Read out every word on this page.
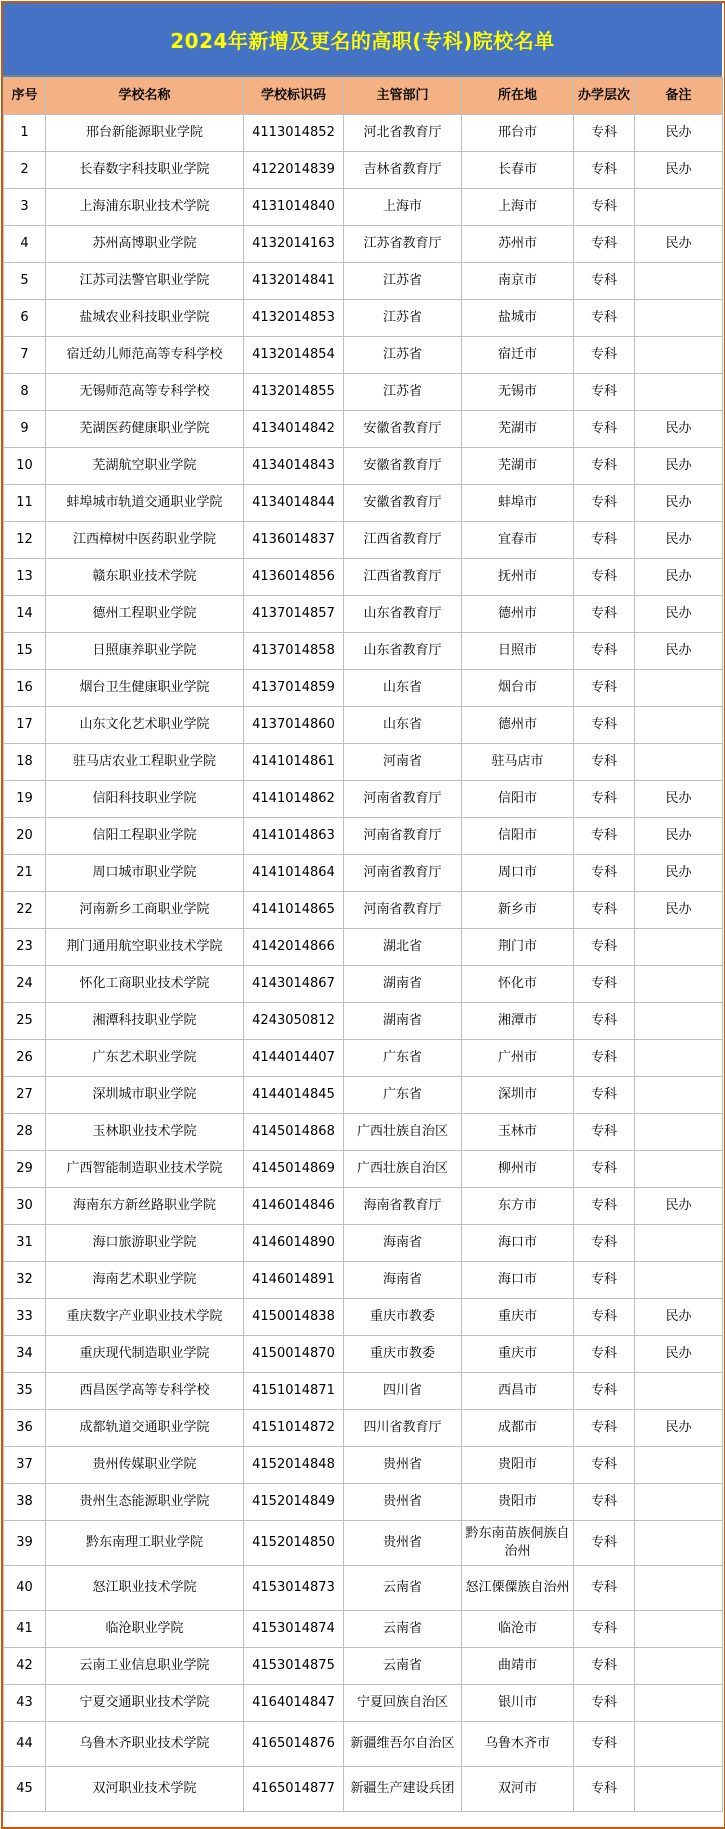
2024年新增及更名的高职(专科)院校名单
序号	学校名称	学校标识码	主管部门	所在地	办学层次	备注
1	邢台新能源职业学院	4113014852	河北省教育厅	邢台市	专科	民办
2	长春数字科技职业学院	4122014839	吉林省教育厅	长春市	专科	民办
3	上海浦东职业技术学院	4131014840	上海市	上海市	专科	
4	苏州高博职业学院	4132014163	江苏省教育厅	苏州市	专科	民办
5	江苏司法警官职业学院	4132014841	江苏省	南京市	专科	
6	盐城农业科技职业学院	4132014853	江苏省	盐城市	专科	
7	宿迁幼儿师范高等专科学校	4132014854	江苏省	宿迁市	专科	
8	无锡师范高等专科学校	4132014855	江苏省	无锡市	专科	
9	芜湖医药健康职业学院	4134014842	安徽省教育厅	芜湖市	专科	民办
10	芜湖航空职业学院	4134014843	安徽省教育厅	芜湖市	专科	民办
11	蚌埠城市轨道交通职业学院	4134014844	安徽省教育厅	蚌埠市	专科	民办
12	江西樟树中医药职业学院	4136014837	江西省教育厅	宜春市	专科	民办
13	赣东职业技术学院	4136014856	江西省教育厅	抚州市	专科	民办
14	德州工程职业学院	4137014857	山东省教育厅	德州市	专科	民办
15	日照康养职业学院	4137014858	山东省教育厅	日照市	专科	民办
16	烟台卫生健康职业学院	4137014859	山东省	烟台市	专科	
17	山东文化艺术职业学院	4137014860	山东省	德州市	专科	
18	驻马店农业工程职业学院	4141014861	河南省	驻马店市	专科	
19	信阳科技职业学院	4141014862	河南省教育厅	信阳市	专科	民办
20	信阳工程职业学院	4141014863	河南省教育厅	信阳市	专科	民办
21	周口城市职业学院	4141014864	河南省教育厅	周口市	专科	民办
22	河南新乡工商职业学院	4141014865	河南省教育厅	新乡市	专科	民办
23	荆门通用航空职业技术学院	4142014866	湖北省	荆门市	专科	
24	怀化工商职业技术学院	4143014867	湖南省	怀化市	专科	
25	湘潭科技职业学院	4243050812	湖南省	湘潭市	专科	
26	广东艺术职业学院	4144014407	广东省	广州市	专科	
27	深圳城市职业学院	4144014845	广东省	深圳市	专科	
28	玉林职业技术学院	4145014868	广西壮族自治区	玉林市	专科	
29	广西智能制造职业技术学院	4145014869	广西壮族自治区	柳州市	专科	
30	海南东方新丝路职业学院	4146014846	海南省教育厅	东方市	专科	民办
31	海口旅游职业学院	4146014890	海南省	海口市	专科	
32	海南艺术职业学院	4146014891	海南省	海口市	专科	
33	重庆数字产业职业技术学院	4150014838	重庆市教委	重庆市	专科	民办
34	重庆现代制造职业学院	4150014870	重庆市教委	重庆市	专科	民办
35	西昌医学高等专科学校	4151014871	四川省	西昌市	专科	
36	成都轨道交通职业学院	4151014872	四川省教育厅	成都市	专科	民办
37	贵州传媒职业学院	4152014848	贵州省	贵阳市	专科	
38	贵州生态能源职业学院	4152014849	贵州省	贵阳市	专科	
39	黔东南理工职业学院	4152014850	贵州省	黔东南苗族侗族自治州	专科	
40	怒江职业技术学院	4153014873	云南省	怒江傈僳族自治州	专科	
41	临沧职业学院	4153014874	云南省	临沧市	专科	
42	云南工业信息职业学院	4153014875	云南省	曲靖市	专科	
43	宁夏交通职业技术学院	4164014847	宁夏回族自治区	银川市	专科	
44	乌鲁木齐职业技术学院	4165014876	新疆维吾尔自治区	乌鲁木齐市	专科	
45	双河职业技术学院	4165014877	新疆生产建设兵团	双河市	专科	
